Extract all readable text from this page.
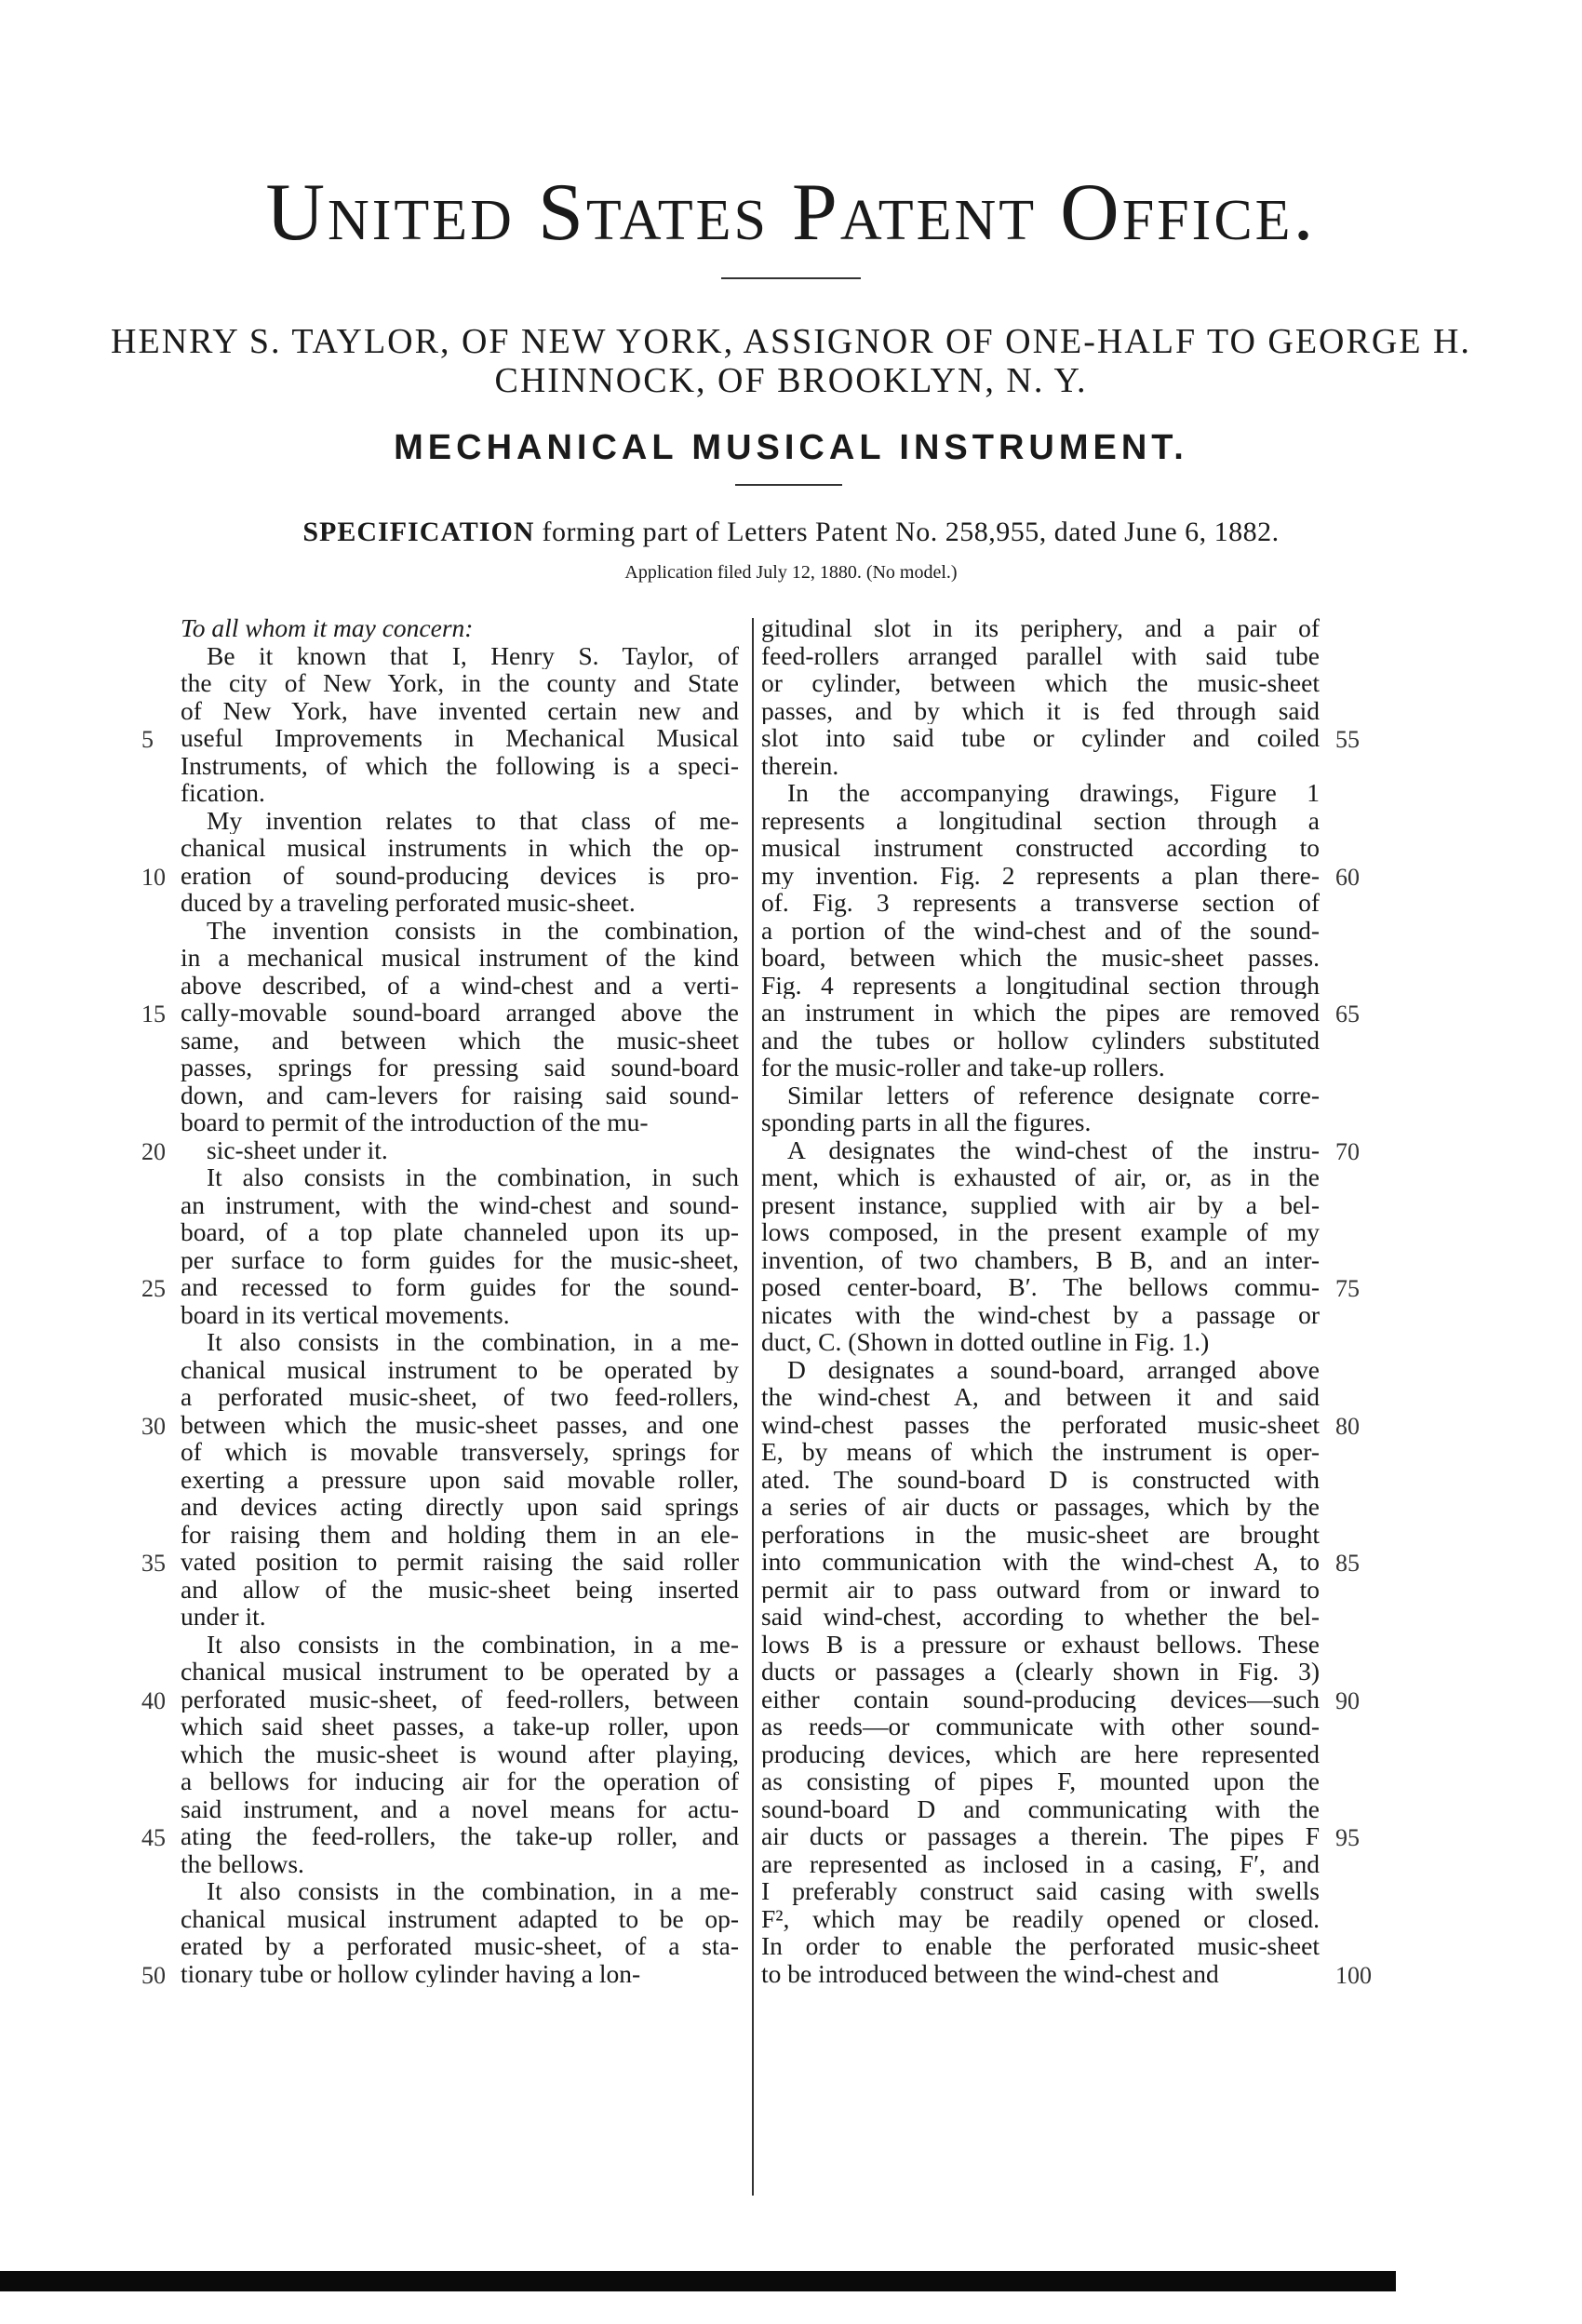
United States Patent Office.
HENRY S. TAYLOR, OF NEW YORK, ASSIGNOR OF ONE-HALF TO GEORGE H.
CHINNOCK, OF BROOKLYN, N. Y.
MECHANICAL MUSICAL INSTRUMENT.
SPECIFICATION forming part of Letters Patent No. 258,955, dated June 6, 1882.
Application filed July 12, 1880. (No model.)
To all whom it may concern:
Be it known that I, Henry S. Taylor, of
the city of New York, in the county and State
of New York, have invented certain new and
useful Improvements in Mechanical Musical
Instruments, of which the following is a speci-
fication.
My invention relates to that class of me-
chanical musical instruments in which the op-
eration of sound-producing devices is pro-
duced by a traveling perforated music-sheet.
The invention consists in the combination,
in a mechanical musical instrument of the kind
above described, of a wind-chest and a verti-
cally-movable sound-board arranged above the
same, and between which the music-sheet
passes, springs for pressing said sound-board
down, and cam-levers for raising said sound-
board to permit of the introduction of the mu-
sic-sheet under it.
It also consists in the combination, in such
an instrument, with the wind-chest and sound-
board, of a top plate channeled upon its up-
per surface to form guides for the music-sheet,
and recessed to form guides for the sound-
board in its vertical movements.
It also consists in the combination, in a me-
chanical musical instrument to be operated by
a perforated music-sheet, of two feed-rollers,
between which the music-sheet passes, and one
of which is movable transversely, springs for
exerting a pressure upon said movable roller,
and devices acting directly upon said springs
for raising them and holding them in an ele-
vated position to permit raising the said roller
and allow of the music-sheet being inserted
under it.
It also consists in the combination, in a me-
chanical musical instrument to be operated by a
perforated music-sheet, of feed-rollers, between
which said sheet passes, a take-up roller, upon
which the music-sheet is wound after playing,
a bellows for inducing air for the operation of
said instrument, and a novel means for actu-
ating the feed-rollers, the take-up roller, and
the bellows.
It also consists in the combination, in a me-
chanical musical instrument adapted to be op-
erated by a perforated music-sheet, of a sta-
tionary tube or hollow cylinder having a lon-
gitudinal slot in its periphery, and a pair of
feed-rollers arranged parallel with said tube
or cylinder, between which the music-sheet
passes, and by which it is fed through said
slot into said tube or cylinder and coiled
therein.
In the accompanying drawings, Figure 1
represents a longitudinal section through a
musical instrument constructed according to
my invention. Fig. 2 represents a plan there-
of. Fig. 3 represents a transverse section of
a portion of the wind-chest and of the sound-
board, between which the music-sheet passes.
Fig. 4 represents a longitudinal section through
an instrument in which the pipes are removed
and the tubes or hollow cylinders substituted
for the music-roller and take-up rollers.
Similar letters of reference designate corre-
sponding parts in all the figures.
A designates the wind-chest of the instru-
ment, which is exhausted of air, or, as in the
present instance, supplied with air by a bel-
lows composed, in the present example of my
invention, of two chambers, B B, and an inter-
posed center-board, B′. The bellows commu-
nicates with the wind-chest by a passage or
duct, C. (Shown in dotted outline in Fig. 1.)
D designates a sound-board, arranged above
the wind-chest A, and between it and said
wind-chest passes the perforated music-sheet
E, by means of which the instrument is oper-
ated. The sound-board D is constructed with
a series of air ducts or passages, which by the
perforations in the music-sheet are brought
into communication with the wind-chest A, to
permit air to pass outward from or inward to
said wind-chest, according to whether the bel-
lows B is a pressure or exhaust bellows. These
ducts or passages a (clearly shown in Fig. 3)
either contain sound-producing devices—such
as reeds—or communicate with other sound-
producing devices, which are here represented
as consisting of pipes F, mounted upon the
sound-board D and communicating with the
air ducts or passages a therein. The pipes F
are represented as inclosed in a casing, F′, and
I preferably construct said casing with swells
F², which may be readily opened or closed.
In order to enable the perforated music-sheet
to be introduced between the wind-chest and
5
10
15
20
25
30
35
40
45
50
55
60
65
70
75
80
85
90
95
100
